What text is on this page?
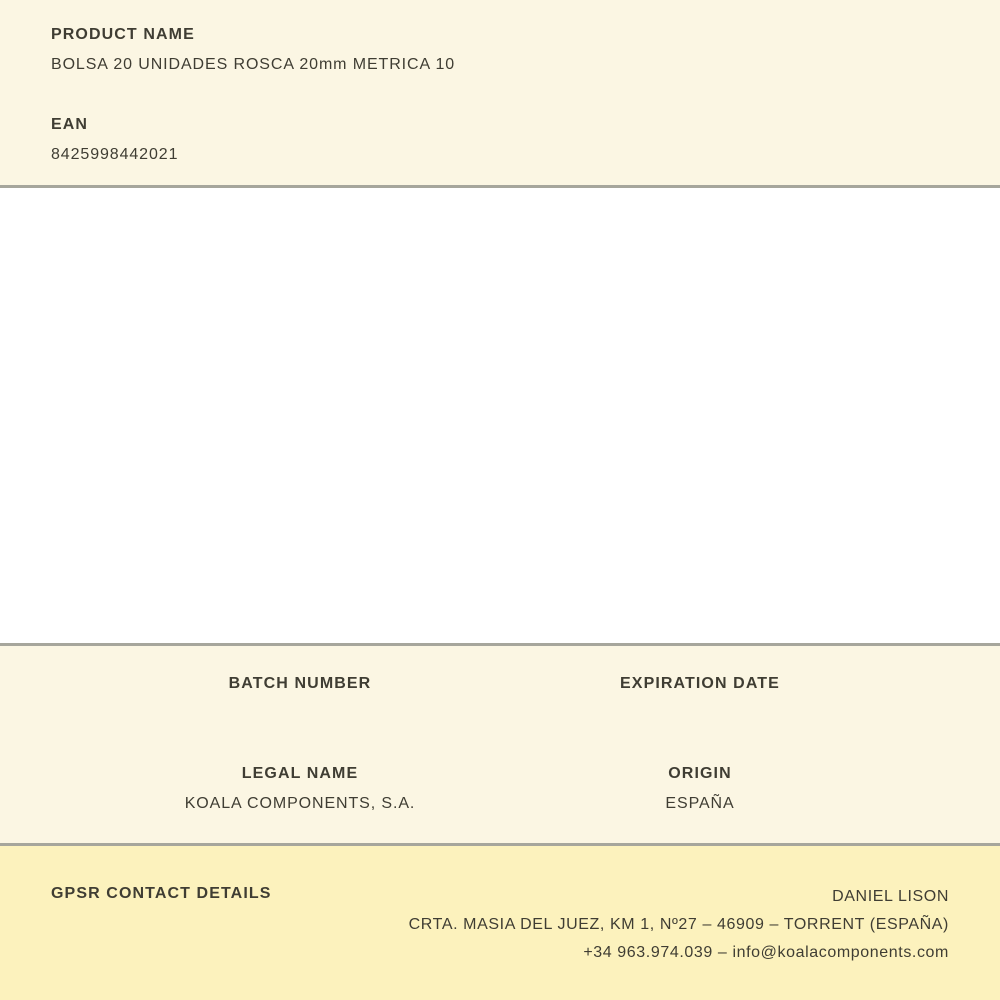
PRODUCT NAME
BOLSA 20 UNIDADES ROSCA 20mm METRICA 10
EAN
8425998442021
BATCH NUMBER	EXPIRATION DATE
LEGAL NAME	ORIGIN
KOALA COMPONENTS, S.A.	ESPAÑA
GPSR CONTACT DETAILS	DANIEL LISON
CRTA. MASIA DEL JUEZ, KM 1, Nº27 – 46909 – TORRENT (ESPAÑA)
+34 963.974.039 – info@koalacomponents.com
